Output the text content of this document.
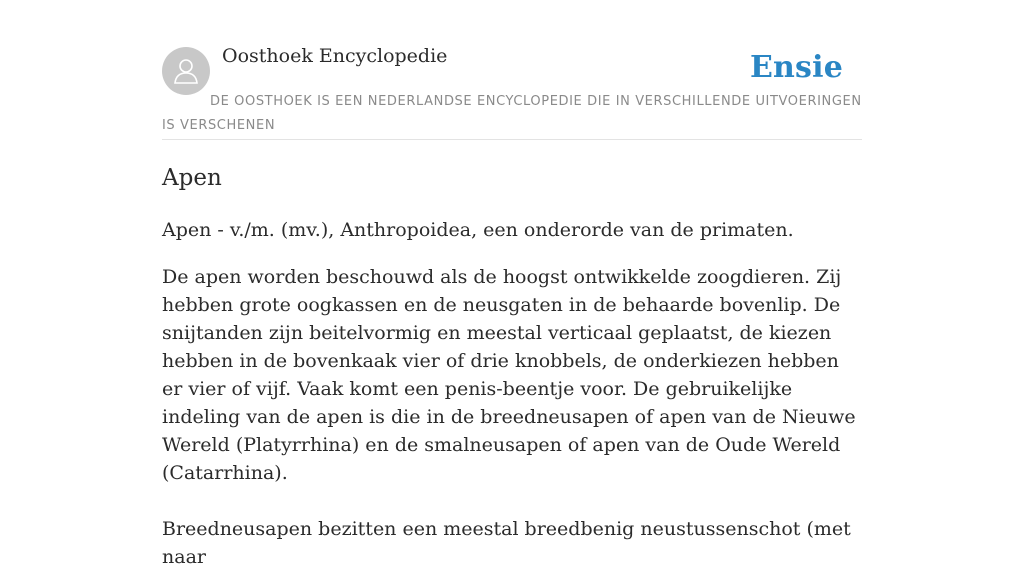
Oosthoek Encyclopedie	Ensie
DE OOSTHOEK IS EEN NEDERLANDSE ENCYCLOPEDIE DIE IN VERSCHILLENDE UITVOERINGEN IS VERSCHENEN
Apen

Apen - v./m. (mv.), Anthropoidea, een onderorde van de primaten.

De apen worden beschouwd als de hoogst ontwikkelde zoogdieren. Zij hebben grote oogkassen en de neusgaten in de behaarde bovenlip. De snijtanden zijn beitelvormig en meestal verticaal geplaatst, de kiezen hebben in de bovenkaak vier of drie knobbels, de onderkiezen hebben er vier of vijf. Vaak komt een penis-beentje voor. De gebruikelijke indeling van de apen is die in de breedneusapen of apen van de Nieuwe Wereld (Platyrrhina) en de smalneusapen of apen van de Oude Wereld (Catarrhina).

Breedneusapen bezitten een meestal breedbenig neustussenschot (met naar
